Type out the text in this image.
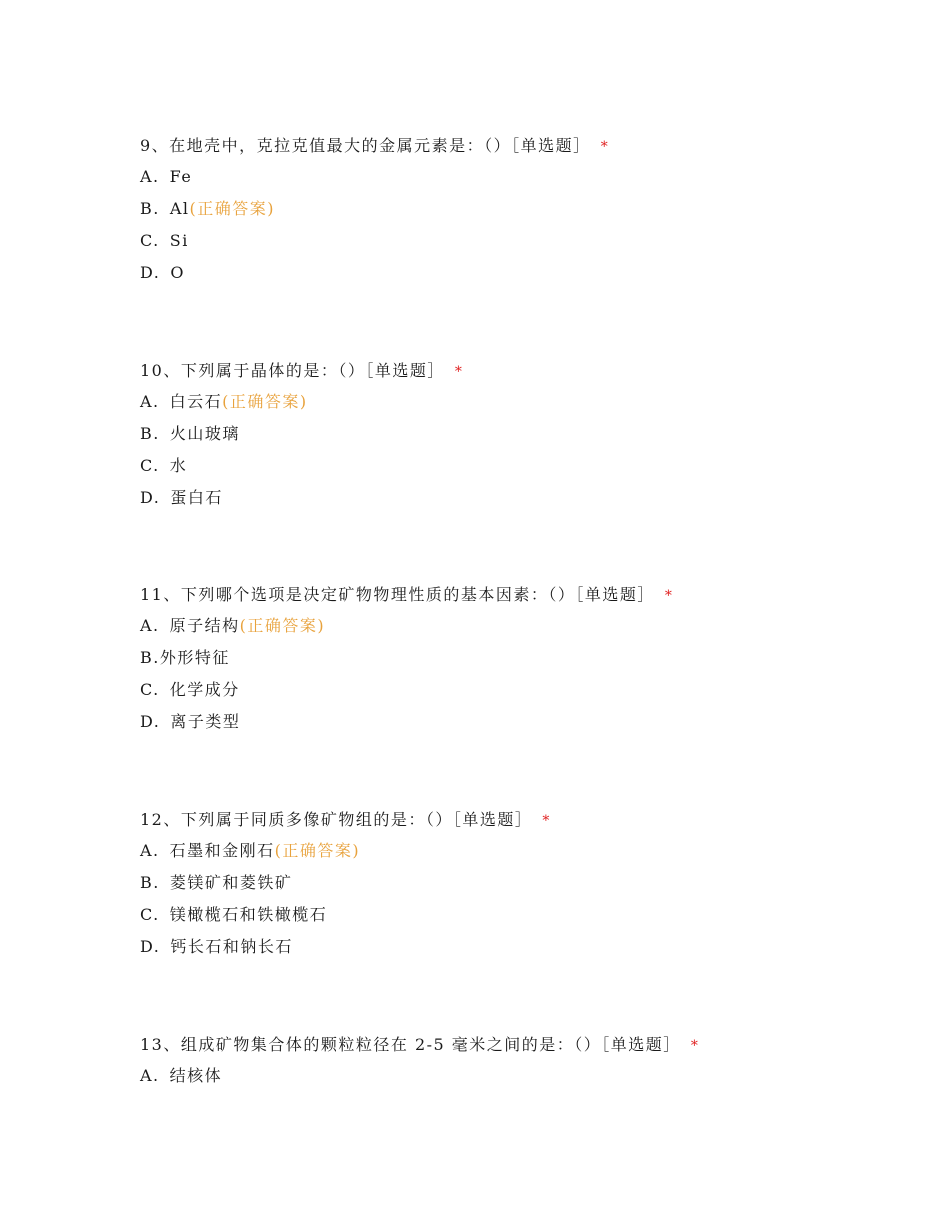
9、在地壳中，克拉克值最大的金属元素是：（）［单选题］ *
A. Fe
B. Al(正确答案)
C. Si
D. O
10、下列属于晶体的是：（）［单选题］ *
A. 白云石(正确答案)
B. 火山玻璃
C. 水
D. 蛋白石
11、下列哪个选项是决定矿物物理性质的基本因素：（）［单选题］ *
A. 原子结构(正确答案)
B.外形特征
C. 化学成分
D. 离子类型
12、下列属于同质多像矿物组的是：（）［单选题］ *
A. 石墨和金刚石(正确答案)
B. 菱镁矿和菱铁矿
C. 镁橄榄石和铁橄榄石
D. 钙长石和钠长石
13、组成矿物集合体的颗粒粒径在 2-5 毫米之间的是：（）［单选题］ *
A. 结核体
